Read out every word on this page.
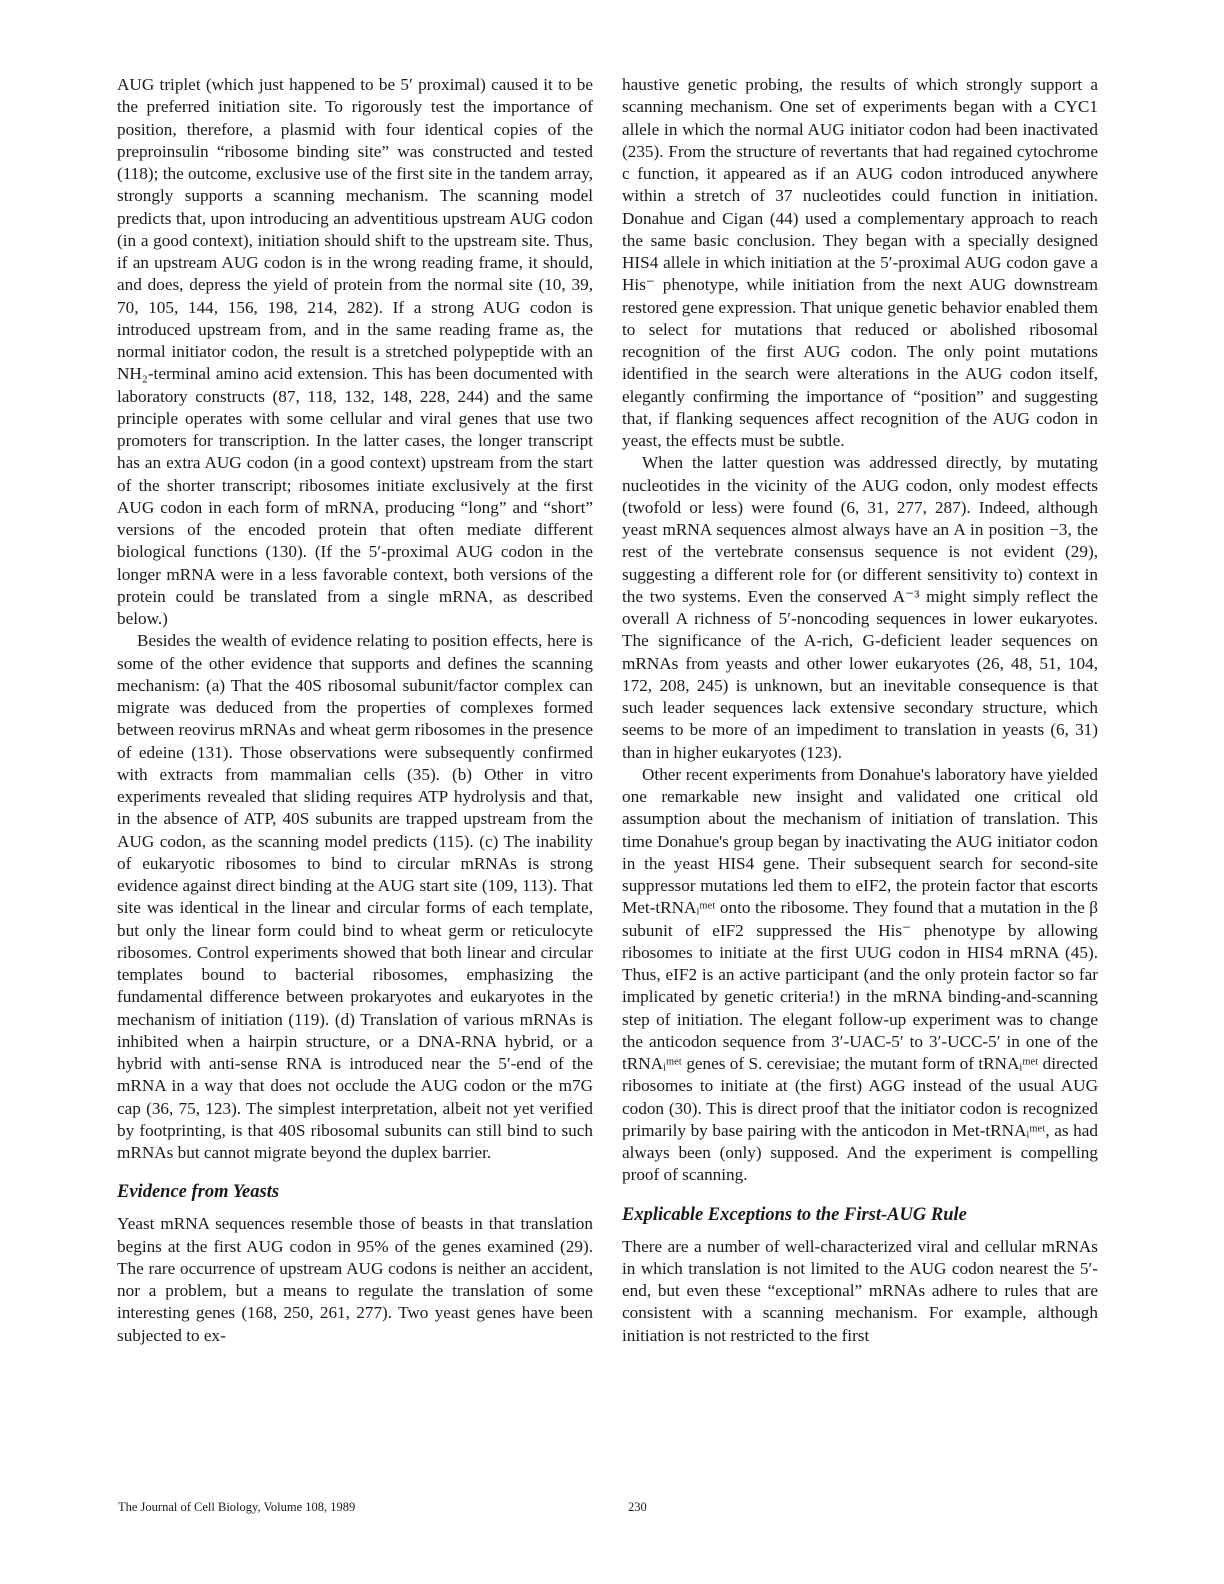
AUG triplet (which just happened to be 5′ proximal) caused it to be the preferred initiation site. To rigorously test the importance of position, therefore, a plasmid with four identical copies of the preproinsulin “ribosome binding site” was constructed and tested (118); the outcome, exclusive use of the first site in the tandem array, strongly supports a scanning mechanism. The scanning model predicts that, upon introducing an adventitious upstream AUG codon (in a good context), initiation should shift to the upstream site. Thus, if an upstream AUG codon is in the wrong reading frame, it should, and does, depress the yield of protein from the normal site (10, 39, 70, 105, 144, 156, 198, 214, 282). If a strong AUG codon is introduced upstream from, and in the same reading frame as, the normal initiator codon, the result is a stretched polypeptide with an NH₂-terminal amino acid extension. This has been documented with laboratory constructs (87, 118, 132, 148, 228, 244) and the same principle operates with some cellular and viral genes that use two promoters for transcription. In the latter cases, the longer transcript has an extra AUG codon (in a good context) upstream from the start of the shorter transcript; ribosomes initiate exclusively at the first AUG codon in each form of mRNA, producing “long” and “short” versions of the encoded protein that often mediate different biological functions (130). (If the 5′-proximal AUG codon in the longer mRNA were in a less favorable context, both versions of the protein could be translated from a single mRNA, as described below.)

Besides the wealth of evidence relating to position effects, here is some of the other evidence that supports and defines the scanning mechanism: (a) That the 40S ribosomal subunit/factor complex can migrate was deduced from the properties of complexes formed between reovirus mRNAs and wheat germ ribosomes in the presence of edeine (131). Those observations were subsequently confirmed with extracts from mammalian cells (35). (b) Other in vitro experiments revealed that sliding requires ATP hydrolysis and that, in the absence of ATP, 40S subunits are trapped upstream from the AUG codon, as the scanning model predicts (115). (c) The inability of eukaryotic ribosomes to bind to circular mRNAs is strong evidence against direct binding at the AUG start site (109, 113). That site was identical in the linear and circular forms of each template, but only the linear form could bind to wheat germ or reticulocyte ribosomes. Control experiments showed that both linear and circular templates bound to bacterial ribosomes, emphasizing the fundamental difference between prokaryotes and eukaryotes in the mechanism of initiation (119). (d) Translation of various mRNAs is inhibited when a hairpin structure, or a DNA-RNA hybrid, or a hybrid with anti-sense RNA is introduced near the 5′-end of the mRNA in a way that does not occlude the AUG codon or the m7G cap (36, 75, 123). The simplest interpretation, albeit not yet verified by footprinting, is that 40S ribosomal subunits can still bind to such mRNAs but cannot migrate beyond the duplex barrier.

Evidence from Yeasts

Yeast mRNA sequences resemble those of beasts in that translation begins at the first AUG codon in 95% of the genes examined (29). The rare occurrence of upstream AUG codons is neither an accident, nor a problem, but a means to regulate the translation of some interesting genes (168, 250, 261, 277). Two yeast genes have been subjected to ex-

haustive genetic probing, the results of which strongly support a scanning mechanism. One set of experiments began with a CYC1 allele in which the normal AUG initiator codon had been inactivated (235). From the structure of revertants that had regained cytochrome c function, it appeared as if an AUG codon introduced anywhere within a stretch of 37 nucleotides could function in initiation. Donahue and Cigan (44) used a complementary approach to reach the same basic conclusion. They began with a specially designed HIS4 allele in which initiation at the 5′-proximal AUG codon gave a His⁻ phenotype, while initiation from the next AUG downstream restored gene expression. That unique genetic behavior enabled them to select for mutations that reduced or abolished ribosomal recognition of the first AUG codon. The only point mutations identified in the search were alterations in the AUG codon itself, elegantly confirming the importance of “position” and suggesting that, if flanking sequences affect recognition of the AUG codon in yeast, the effects must be subtle.

When the latter question was addressed directly, by mutating nucleotides in the vicinity of the AUG codon, only modest effects (twofold or less) were found (6, 31, 277, 287). Indeed, although yeast mRNA sequences almost always have an A in position −3, the rest of the vertebrate consensus sequence is not evident (29), suggesting a different role for (or different sensitivity to) context in the two systems. Even the conserved A⁻³ might simply reflect the overall A richness of 5′-noncoding sequences in lower eukaryotes. The significance of the A-rich, G-deficient leader sequences on mRNAs from yeasts and other lower eukaryotes (26, 48, 51, 104, 172, 208, 245) is unknown, but an inevitable consequence is that such leader sequences lack extensive secondary structure, which seems to be more of an impediment to translation in yeasts (6, 31) than in higher eukaryotes (123).

Other recent experiments from Donahue's laboratory have yielded one remarkable new insight and validated one critical old assumption about the mechanism of initiation of translation. This time Donahue's group began by inactivating the AUG initiator codon in the yeast HIS4 gene. Their subsequent search for second-site suppressor mutations led them to eIF2, the protein factor that escorts Met-tRNAᵢᵐᵉᵗ onto the ribosome. They found that a mutation in the β subunit of eIF2 suppressed the His⁻ phenotype by allowing ribosomes to initiate at the first UUG codon in HIS4 mRNA (45). Thus, eIF2 is an active participant (and the only protein factor so far implicated by genetic criteria!) in the mRNA binding-and-scanning step of initiation. The elegant follow-up experiment was to change the anticodon sequence from 3′-UAC-5′ to 3′-UCC-5′ in one of the tRNAᵢᵐᵉᵗ genes of S. cerevisiae; the mutant form of tRNAᵢᵐᵉᵗ directed ribosomes to initiate at (the first) AGG instead of the usual AUG codon (30). This is direct proof that the initiator codon is recognized primarily by base pairing with the anticodon in Met-tRNAᵢᵐᵉᵗ, as had always been (only) supposed. And the experiment is compelling proof of scanning.

Explicable Exceptions to the First-AUG Rule

There are a number of well-characterized viral and cellular mRNAs in which translation is not limited to the AUG codon nearest the 5′-end, but even these “exceptional” mRNAs adhere to rules that are consistent with a scanning mechanism. For example, although initiation is not restricted to the first

The Journal of Cell Biology, Volume 108, 1989	230
